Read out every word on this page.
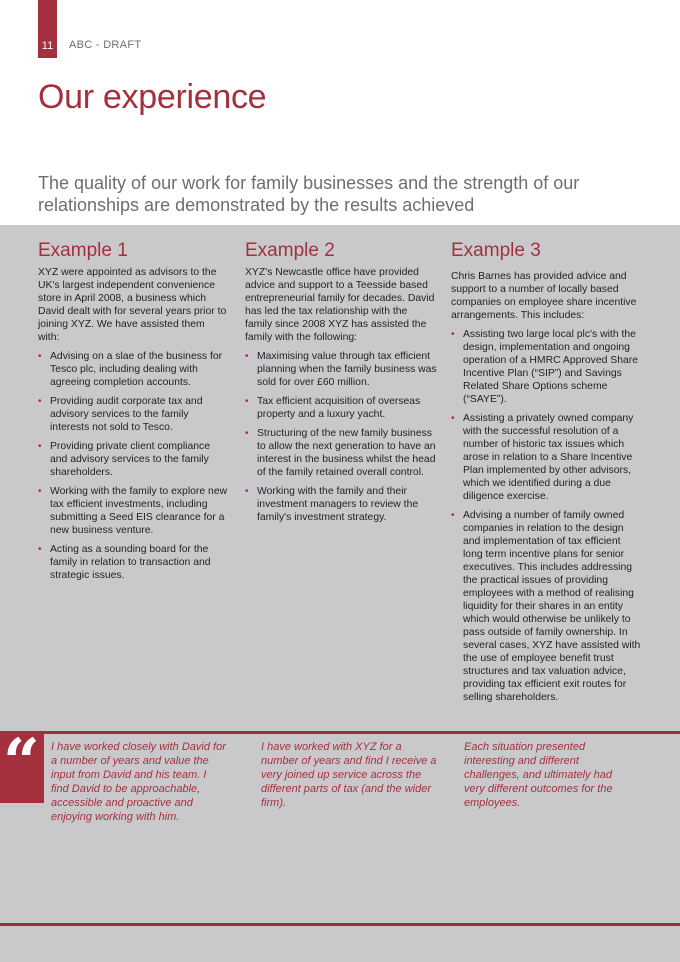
11	ABC - DRAFT
Our experience

The quality of our work for family businesses and the strength of our relationships are demonstrated by the results achieved

Example 1

XYZ were appointed as advisors to the UK's largest independent convenience store in April 2008, a business which David dealt with for several years prior to joining XYZ. We have assisted them with:

• Advising on a slae of the business for Tesco plc, including dealing with agreeing completion accounts.
• Providing audit corporate tax and advisory services to the family interests not sold to Tesco.
• Providing private client compliance and advisory services to the family shareholders.
• Working with the family to explore new tax efficient investments, including submitting a Seed EIS clearance for a new business venture.
• Acting as a sounding board for the family in relation to transaction and strategic issues.
Example 2

XYZ's Newcastle office have provided advice and support to a Teesside based entrepreneurial family for decades. David has led the tax relationship with the family since 2008 XYZ has assisted the family with the following:

• Maximising value through tax efficient planning when the family business was sold for over £60 million.
• Tax efficient acquisition of overseas property and a luxury yacht.
• Structuring of the new family business to allow the next generation to have an interest in the business whilst the head of the family retained overall control.
• Working with the family and their investment managers to review the family's investment strategy.
Example 3

Chris Barnes has provided advice and support to a number of locally based companies on employee share incentive arrangements. This includes:

• Assisting two large local plc's with the design, implementation and ongoing operation of a HMRC Approved Share Incentive Plan (“SIP”) and Savings Related Share Options scheme (“SAYE”).
• Assisting a privately owned company with the successful resolution of a number of historic tax issues which arose in relation to a Share Incentive Plan implemented by other advisors, which we identified during a due diligence exercise.
• Advising a number of family owned companies in relation to the design and implementation of tax efficient long term incentive plans for senior executives. This includes addressing the practical issues of providing employees with a method of realising liquidity for their shares in an entity which would otherwise be unlikely to pass outside of family ownership. In several cases, XYZ have assisted with the use of employee benefit trust structures and tax valuation advice, providing tax efficient exit routes for selling shareholders.
“ I have worked closely with David for a number of years and value the input from David and his team. I find David to be approachable, accessible and proactive and enjoying working with him.

I have worked with XYZ for a number of years and find I receive a very joined up service across the different parts of tax (and the wider firm).

Each situation presented interesting and different challenges, and ultimately had very different outcomes for the employees.
